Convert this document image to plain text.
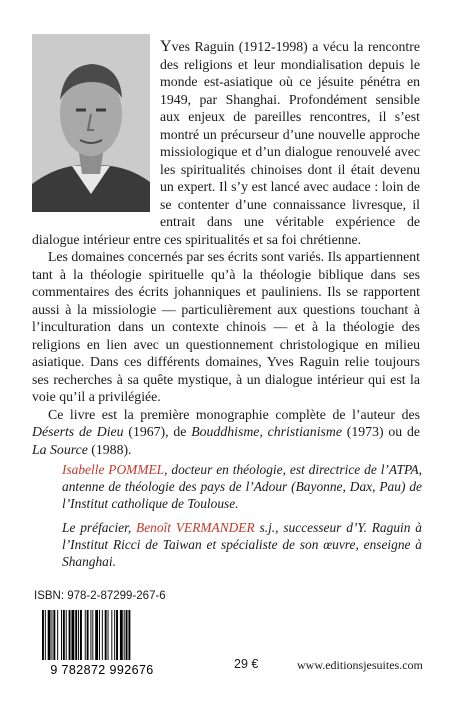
Yves Raguin (1912-1998) a vécu la rencontre des religions et leur mondialisation depuis le monde est-asiatique où ce jésuite pénétra en 1949, par Shanghai. Profondément sensible aux enjeux de pareilles rencontres, il s’est montré un précurseur d’une nouvelle approche missiologique et d’un dialogue renouvelé avec les spiritualités chinoises dont il était devenu un expert. Il s’y est lancé avec audace : loin de se contenter d’une connaissance livresque, il entrait dans une véritable expérience de dialogue intérieur entre ces spiritualités et sa foi chrétienne.

Les domaines concernés par ses écrits sont variés. Ils appartiennent tant à la théologie spirituelle qu’à la théologie biblique dans ses commentaires des écrits johanniques et pauliniens. Ils se rapportent aussi à la missiologie — particulièrement aux questions touchant à l’inculturation dans un contexte chinois — et à la théologie des religions en lien avec un questionnement christologique en milieu asiatique. Dans ces différents domaines, Yves Raguin relie toujours ses recherches à sa quête mystique, à un dialogue intérieur qui est la voie qu’il a privilégiée.

Ce livre est la première monographie complète de l’auteur des Déserts de Dieu (1967), de Bouddhisme, christianisme (1973) ou de La Source (1988).

Isabelle POMMEL, docteur en théologie, est directrice de l’ATPA, antenne de théologie des pays de l’Adour (Bayonne, Dax, Pau) de l’Institut catholique de Toulouse.

Le préfacier, Benoît VERMANDER s.j., successeur d’Y. Raguin à l’Institut Ricci de Taiwan et spécialiste de son œuvre, enseigne à Shanghai.

ISBN: 978-2-87299-267-6
9 782872 992676	29 €	www.editionsjesuites.com
